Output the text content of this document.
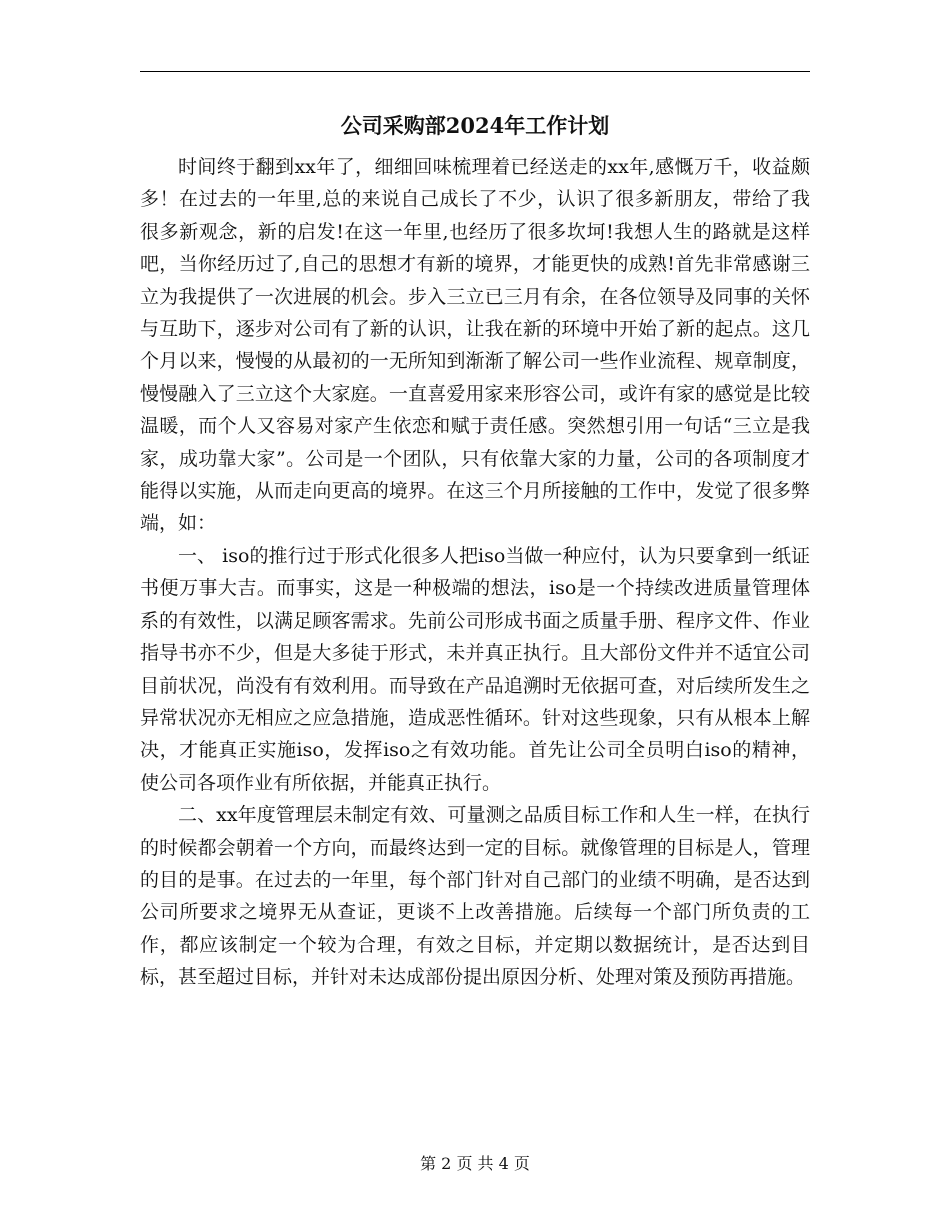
公司采购部2024年工作计划

时间终于翻到xx年了，细细回味梳理着已经送走的xx年,感慨万千，收益颇多！在过去的一年里,总的来说自己成长了不少，认识了很多新朋友，带给了我很多新观念，新的启发!在这一年里,也经历了很多坎坷!我想人生的路就是这样吧，当你经历过了,自己的思想才有新的境界，才能更快的成熟!首先非常感谢三立为我提供了一次进展的机会。步入三立已三月有余，在各位领导及同事的关怀与互助下，逐步对公司有了新的认识，让我在新的环境中开始了新的起点。这几个月以来，慢慢的从最初的一无所知到渐渐了解公司一些作业流程、规章制度，慢慢融入了三立这个大家庭。一直喜爱用家来形容公司，或许有家的感觉是比较温暖，而个人又容易对家产生依恋和赋于责任感。突然想引用一句话“三立是我家，成功靠大家”。公司是一个团队，只有依靠大家的力量，公司的各项制度才能得以实施，从而走向更高的境界。在这三个月所接触的工作中，发觉了很多弊端，如：

一、 iso的推行过于形式化很多人把iso当做一种应付，认为只要拿到一纸证书便万事大吉。而事实，这是一种极端的想法，iso是一个持续改进质量管理体系的有效性，以满足顾客需求。先前公司形成书面之质量手册、程序文件、作业指导书亦不少，但是大多徒于形式，未并真正执行。且大部份文件并不适宜公司目前状况，尚没有有效利用。而导致在产品追溯时无依据可查，对后续所发生之异常状况亦无相应之应急措施，造成恶性循环。针对这些现象，只有从根本上解决，才能真正实施iso，发挥iso之有效功能。首先让公司全员明白iso的精神，使公司各项作业有所依据，并能真正执行。

二、xx年度管理层未制定有效、可量测之品质目标工作和人生一样，在执行的时候都会朝着一个方向，而最终达到一定的目标。就像管理的目标是人，管理的目的是事。在过去的一年里，每个部门针对自己部门的业绩不明确，是否达到公司所要求之境界无从查证，更谈不上改善措施。后续每一个部门所负责的工作，都应该制定一个较为合理，有效之目标，并定期以数据统计，是否达到目标，甚至超过目标，并针对未达成部份提出原因分析、处理对策及预防再措施。

第 2 页 共 4 页
